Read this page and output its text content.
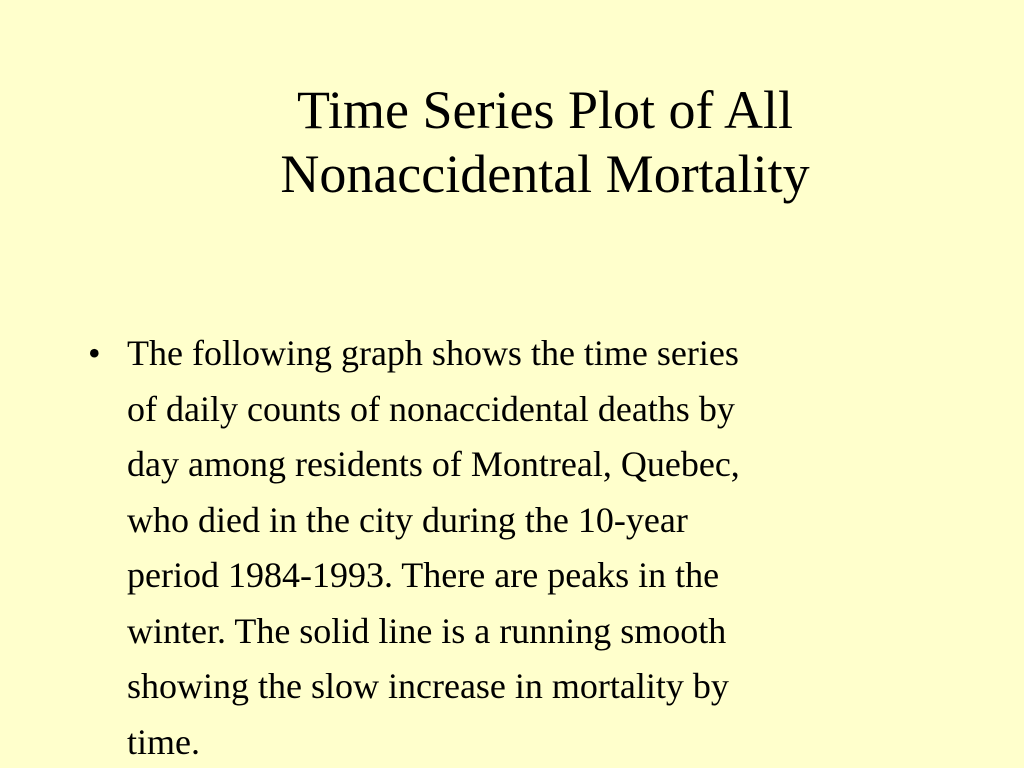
Time Series Plot of All
Nonaccidental Mortality
• The following graph shows the time series
of daily counts of nonaccidental deaths by
day among residents of Montreal, Quebec,
who died in the city during the 10-year
period 1984-1993. There are peaks in the
winter. The solid line is a running smooth
showing the slow increase in mortality by
time.
